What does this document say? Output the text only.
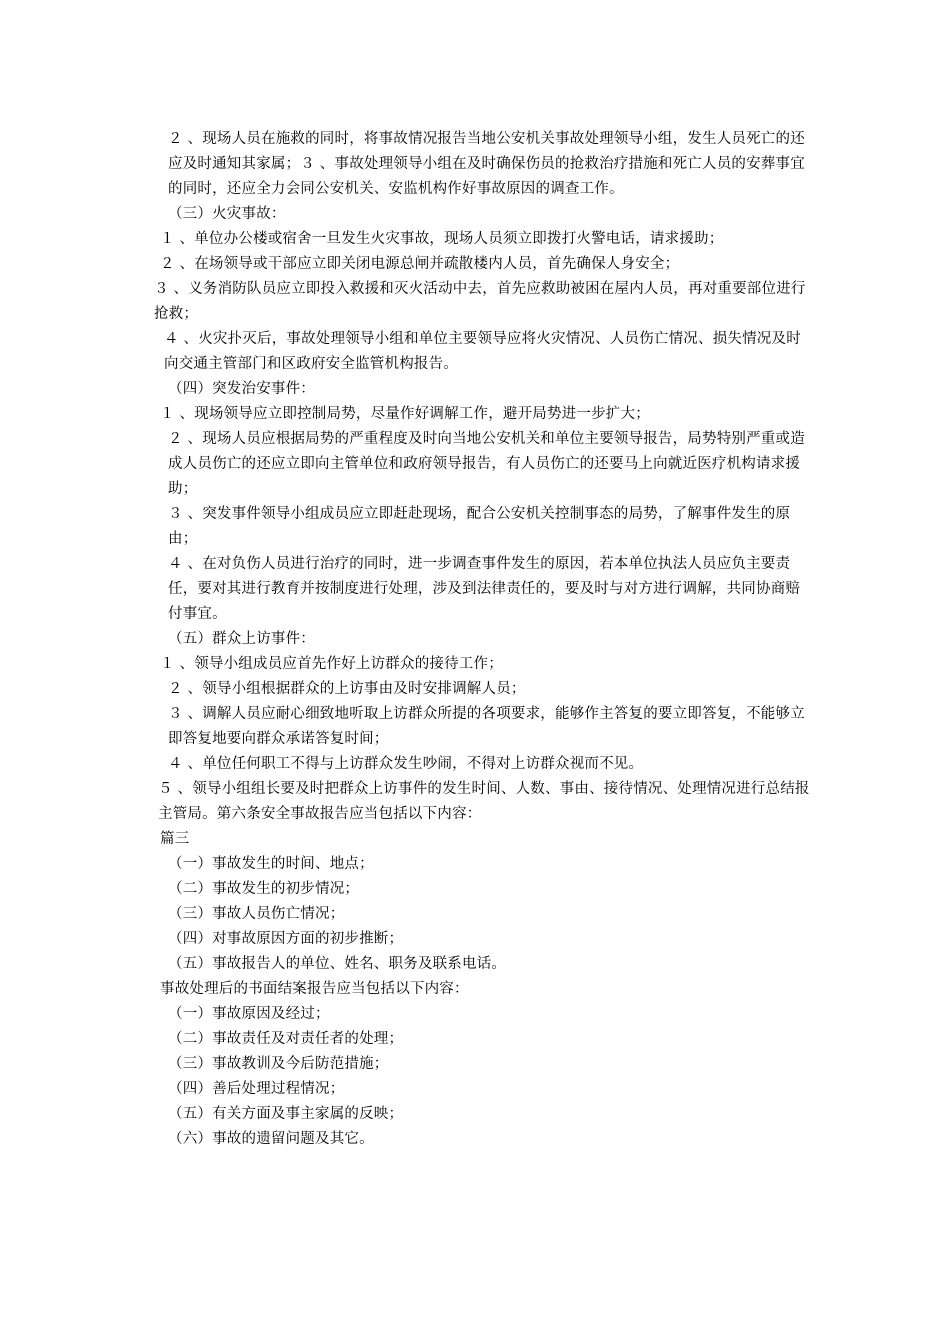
２ 、现场人员在施救的同时，将事故情况报告当地公安机关事故处理领导小组，发生人员死亡的还应及时通知其家属；３ 、事故处理领导小组在及时确保伤员的抢救治疗措施和死亡人员的安葬事宜的同时，还应全力会同公安机关、安监机构作好事故原因的调查工作。

（三）火灾事故：

１ 、单位办公楼或宿舍一旦发生火灾事故，现场人员须立即拨打火警电话，请求援助；

２ 、在场领导或干部应立即关闭电源总闸并疏散楼内人员，首先确保人身安全；

３ 、义务消防队员应立即投入救援和灭火活动中去，首先应救助被困在屋内人员，再对重要部位进行抢救；

４ 、火灾扑灭后，事故处理领导小组和单位主要领导应将火灾情况、人员伤亡情况、损失情况及时向交通主管部门和区政府安全监管机构报告。

（四）突发治安事件：

１ 、现场领导应立即控制局势，尽量作好调解工作，避开局势进一步扩大；

２ 、现场人员应根据局势的严重程度及时向当地公安机关和单位主要领导报告，局势特别严重或造成人员伤亡的还应立即向主管单位和政府领导报告，有人员伤亡的还要马上向就近医疗机构请求援助；

３ 、突发事件领导小组成员应立即赶赴现场，配合公安机关控制事态的局势，了解事件发生的原由；

４ 、在对负伤人员进行治疗的同时，进一步调查事件发生的原因，若本单位执法人员应负主要责任，要对其进行教育并按制度进行处理，涉及到法律责任的，要及时与对方进行调解，共同协商赔付事宜。

（五）群众上访事件：

１ 、领导小组成员应首先作好上访群众的接待工作；

２ 、领导小组根据群众的上访事由及时安排调解人员；

３ 、调解人员应耐心细致地听取上访群众所提的各项要求，能够作主答复的要立即答复，不能够立即答复地要向群众承诺答复时间；

４ 、单位任何职工不得与上访群众发生吵闹，不得对上访群众视而不见。

５ 、领导小组组长要及时把群众上访事件的发生时间、人数、事由、接待情况、处理情况进行总结报主管局。第六条安全事故报告应当包括以下内容：

篇三

（一）事故发生的时间、地点；

（二）事故发生的初步情况；

（三）事故人员伤亡情况；

（四）对事故原因方面的初步推断；

（五）事故报告人的单位、姓名、职务及联系电话。

事故处理后的书面结案报告应当包括以下内容：

（一）事故原因及经过；

（二）事故责任及对责任者的处理；

（三）事故教训及今后防范措施；

（四）善后处理过程情况；

（五）有关方面及事主家属的反映；

（六）事故的遗留问题及其它。
